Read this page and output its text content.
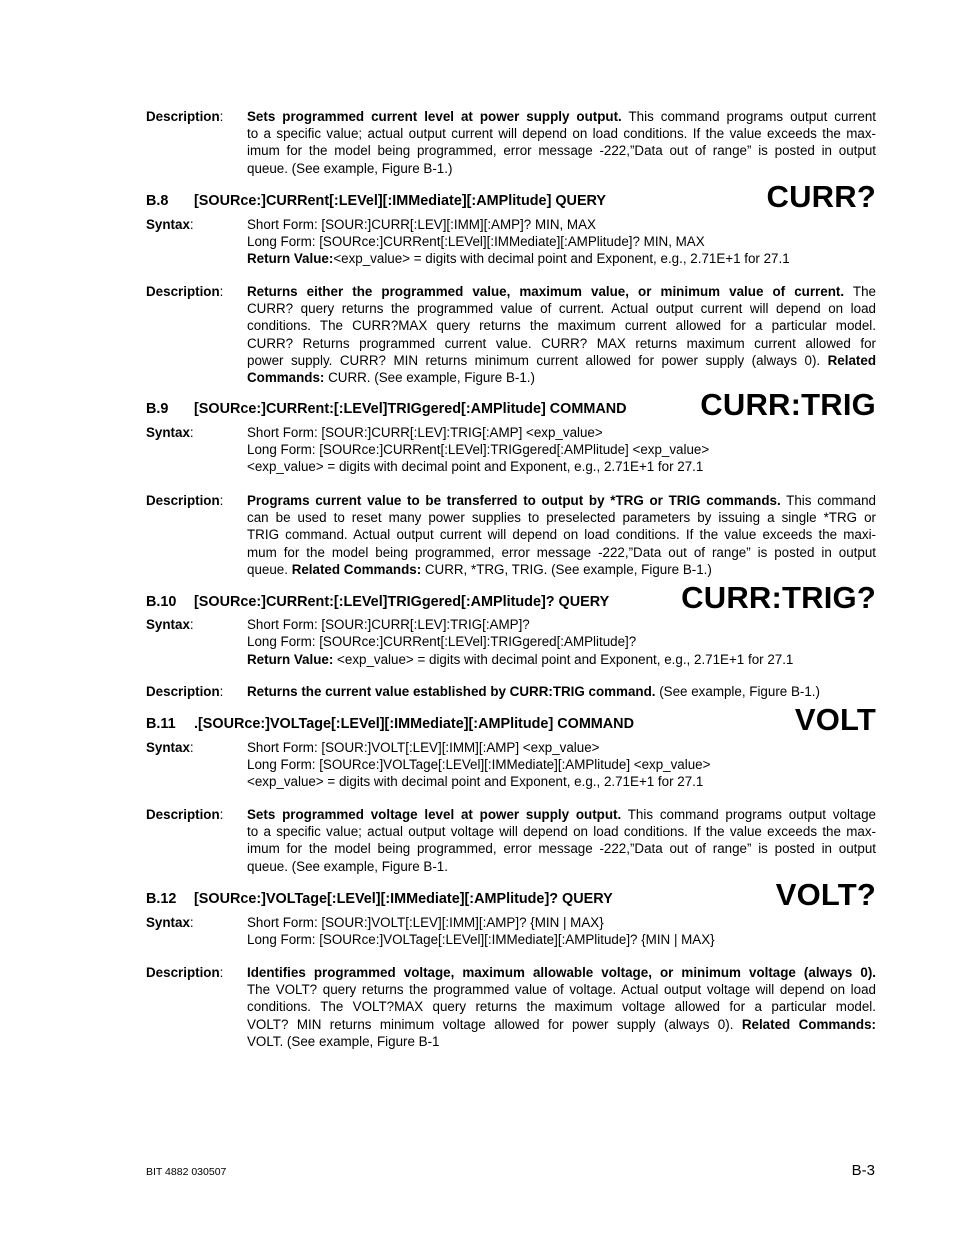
Description:	Sets programmed current level at power supply output. This command programs output current
to a specific value; actual output current will depend on load conditions. If the value exceeds the max-
imum for the model being programmed, error message -222,”Data out of range” is posted in output
queue. (See example, Figure B-1.)
B.8 [SOURce:]CURRent[:LEVel][:IMMediate][:AMPlitude] QUERY	CURR?
Syntax:	Short Form: [SOUR:]CURR[:LEV][:IMM][:AMP]? MIN, MAX
Long Form: [SOURce:]CURRent[:LEVel][:IMMediate][:AMPlitude]? MIN, MAX
Return Value:<exp_value> = digits with decimal point and Exponent, e.g., 2.71E+1 for 27.1
Description:	Returns either the programmed value, maximum value, or minimum value of current. The
CURR? query returns the programmed value of current. Actual output current will depend on load
conditions. The CURR?MAX query returns the maximum current allowed for a particular model.
CURR? Returns programmed current value. CURR? MAX returns maximum current allowed for
power supply. CURR? MIN returns minimum current allowed for power supply (always 0). Related
Commands: CURR. (See example, Figure B-1.)
B.9 [SOURce:]CURRent:[:LEVel]TRIGgered[:AMPlitude] COMMAND CURR:TRIG
Syntax:	Short Form: [SOUR:]CURR[:LEV]:TRIG[:AMP] <exp_value>
Long Form: [SOURce:]CURRent[:LEVel]:TRIGgered[:AMPlitude] <exp_value>
<exp_value> = digits with decimal point and Exponent, e.g., 2.71E+1 for 27.1
Description:	Programs current value to be transferred to output by *TRG or TRIG commands. This command
can be used to reset many power supplies to preselected parameters by issuing a single *TRG or
TRIG command. Actual output current will depend on load conditions. If the value exceeds the maxi-
mum for the model being programmed, error message -222,”Data out of range” is posted in output
queue. Related Commands: CURR, *TRG, TRIG. (See example, Figure B-1.)
B.10 [SOURce:]CURRent:[:LEVel]TRIGgered[:AMPlitude]? QUERY CURR:TRIG?
Syntax:	Short Form: [SOUR:]CURR[:LEV]:TRIG[:AMP]?
Long Form: [SOURce:]CURRent[:LEVel]:TRIGgered[:AMPlitude]?
Return Value: <exp_value> = digits with decimal point and Exponent, e.g., 2.71E+1 for 27.1
Description:	Returns the current value established by CURR:TRIG command. (See example, Figure B-1.)
B.11 .[SOURce:]VOLTage[:LEVel][:IMMediate][:AMPlitude] COMMAND	VOLT
Syntax:	Short Form: [SOUR:]VOLT[:LEV][:IMM][:AMP] <exp_value>
Long Form: [SOURce:]VOLTage[:LEVel][:IMMediate][:AMPlitude] <exp_value>
<exp_value> = digits with decimal point and Exponent, e.g., 2.71E+1 for 27.1
Description:	Sets programmed voltage level at power supply output. This command programs output voltage
to a specific value; actual output voltage will depend on load conditions. If the value exceeds the max-
imum for the model being programmed, error message -222,”Data out of range” is posted in output
queue. (See example, Figure B-1.
B.12 [SOURce:]VOLTage[:LEVel][:IMMediate][:AMPlitude]? QUERY	VOLT?
Syntax:	Short Form: [SOUR:]VOLT[:LEV][:IMM][:AMP]? {MIN | MAX}
Long Form: [SOURce:]VOLTage[:LEVel][:IMMediate][:AMPlitude]? {MIN | MAX}
Description:	Identifies programmed voltage, maximum allowable voltage, or minimum voltage (always 0).
The VOLT? query returns the programmed value of voltage. Actual output voltage will depend on load
conditions. The VOLT?MAX query returns the maximum voltage allowed for a particular model.
VOLT? MIN returns minimum voltage allowed for power supply (always 0). Related Commands:
VOLT. (See example, Figure B-1
BIT 4882 030507	B-3
